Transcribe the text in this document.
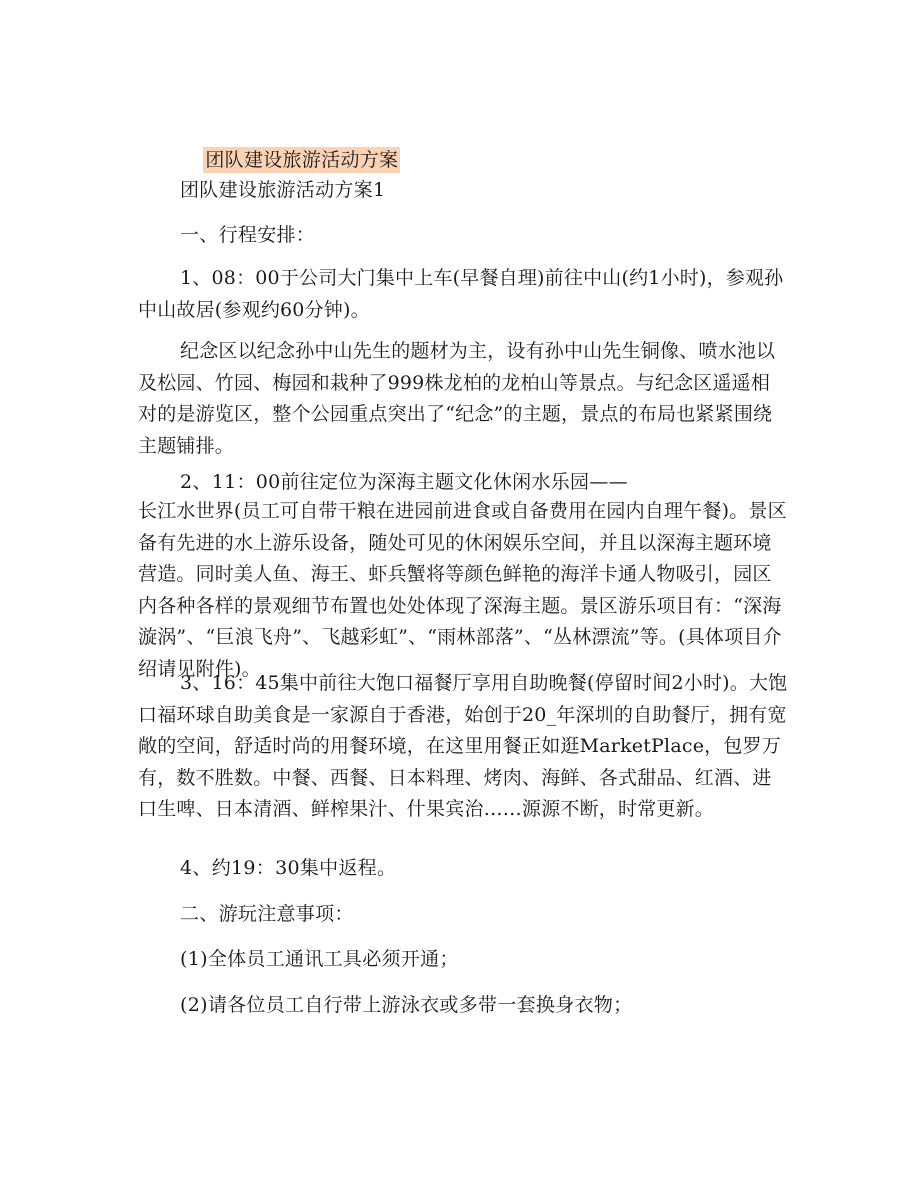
团队建设旅游活动方案

团队建设旅游活动方案1
一、行程安排：
1、08：00于公司大门集中上车(早餐自理)前往中山(约1小时)，参观孙中山故居(参观约60分钟)。
纪念区以纪念孙中山先生的题材为主，设有孙中山先生铜像、喷水池以及松园、竹园、梅园和栽种了999株龙柏的龙柏山等景点。与纪念区遥遥相对的是游览区，整个公园重点突出了“纪念”的主题，景点的布局也紧紧围绕主题铺排。
2、11：00前往定位为深海主题文化休闲水乐园——
长江水世界(员工可自带干粮在进园前进食或自备费用在园内自理午餐)。景区备有先进的水上游乐设备，随处可见的休闲娱乐空间，并且以深海主题环境营造。同时美人鱼、海王、虾兵蟹将等颜色鲜艳的海洋卡通人物吸引，园区内各种各样的景观细节布置也处处体现了深海主题。景区游乐项目有：“深海漩涡”、“巨浪飞舟”、飞越彩虹”、“雨林部落”、“丛林漂流”等。(具体项目介绍请见附件)。
3、16：45集中前往大饱口福餐厅享用自助晚餐(停留时间2小时)。大饱口福环球自助美食是一家源自于香港，始创于20_年深圳的自助餐厅，拥有宽敞的空间，舒适时尚的用餐环境，在这里用餐正如逛MarketPlace，包罗万有，数不胜数。中餐、西餐、日本料理、烤肉、海鲜、各式甜品、红酒、进口生啤、日本清酒、鲜榨果汁、什果宾治……源源不断，时常更新。
4、约19：30集中返程。
二、游玩注意事项：
(1)全体员工通讯工具必须开通；
(2)请各位员工自行带上游泳衣或多带一套换身衣物；
